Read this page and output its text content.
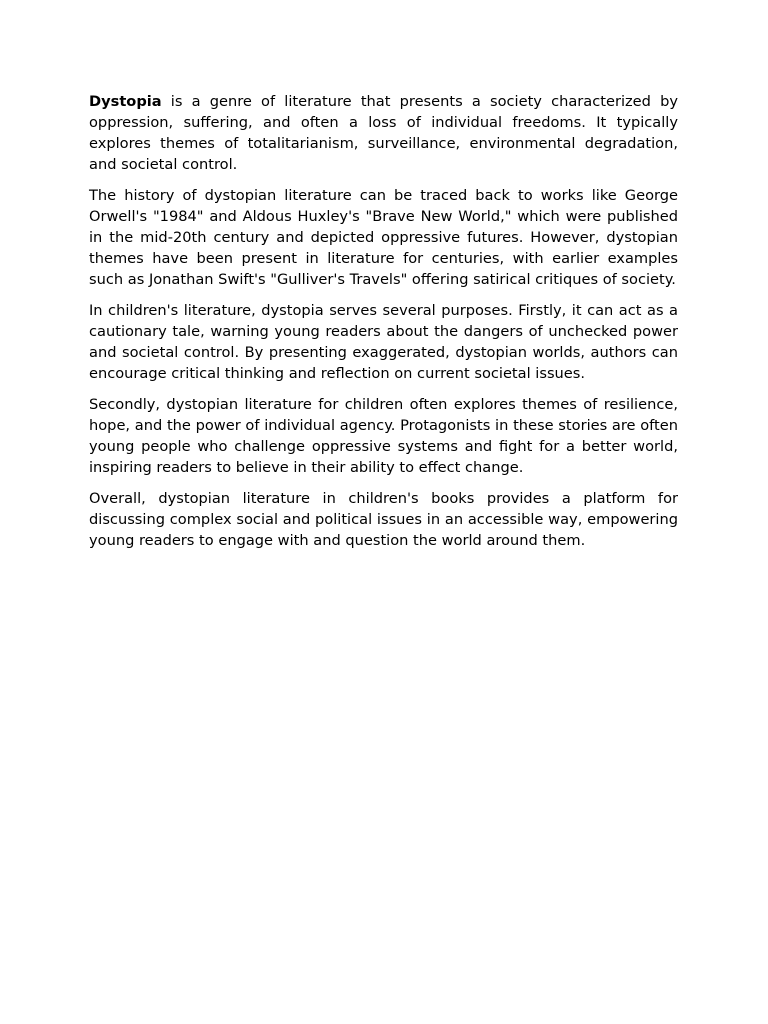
Dystopia is a genre of literature that presents a society characterized by oppression, suffering, and often a loss of individual freedoms. It typically explores themes of totalitarianism, surveillance, environmental degradation, and societal control.

The history of dystopian literature can be traced back to works like George Orwell's "1984" and Aldous Huxley's "Brave New World," which were published in the mid-20th century and depicted oppressive futures. However, dystopian themes have been present in literature for centuries, with earlier examples such as Jonathan Swift's "Gulliver's Travels" offering satirical critiques of society.

In children's literature, dystopia serves several purposes. Firstly, it can act as a cautionary tale, warning young readers about the dangers of unchecked power and societal control. By presenting exaggerated, dystopian worlds, authors can encourage critical thinking and reflection on current societal issues.

Secondly, dystopian literature for children often explores themes of resilience, hope, and the power of individual agency. Protagonists in these stories are often young people who challenge oppressive systems and fight for a better world, inspiring readers to believe in their ability to effect change.

Overall, dystopian literature in children's books provides a platform for discussing complex social and political issues in an accessible way, empowering young readers to engage with and question the world around them.
